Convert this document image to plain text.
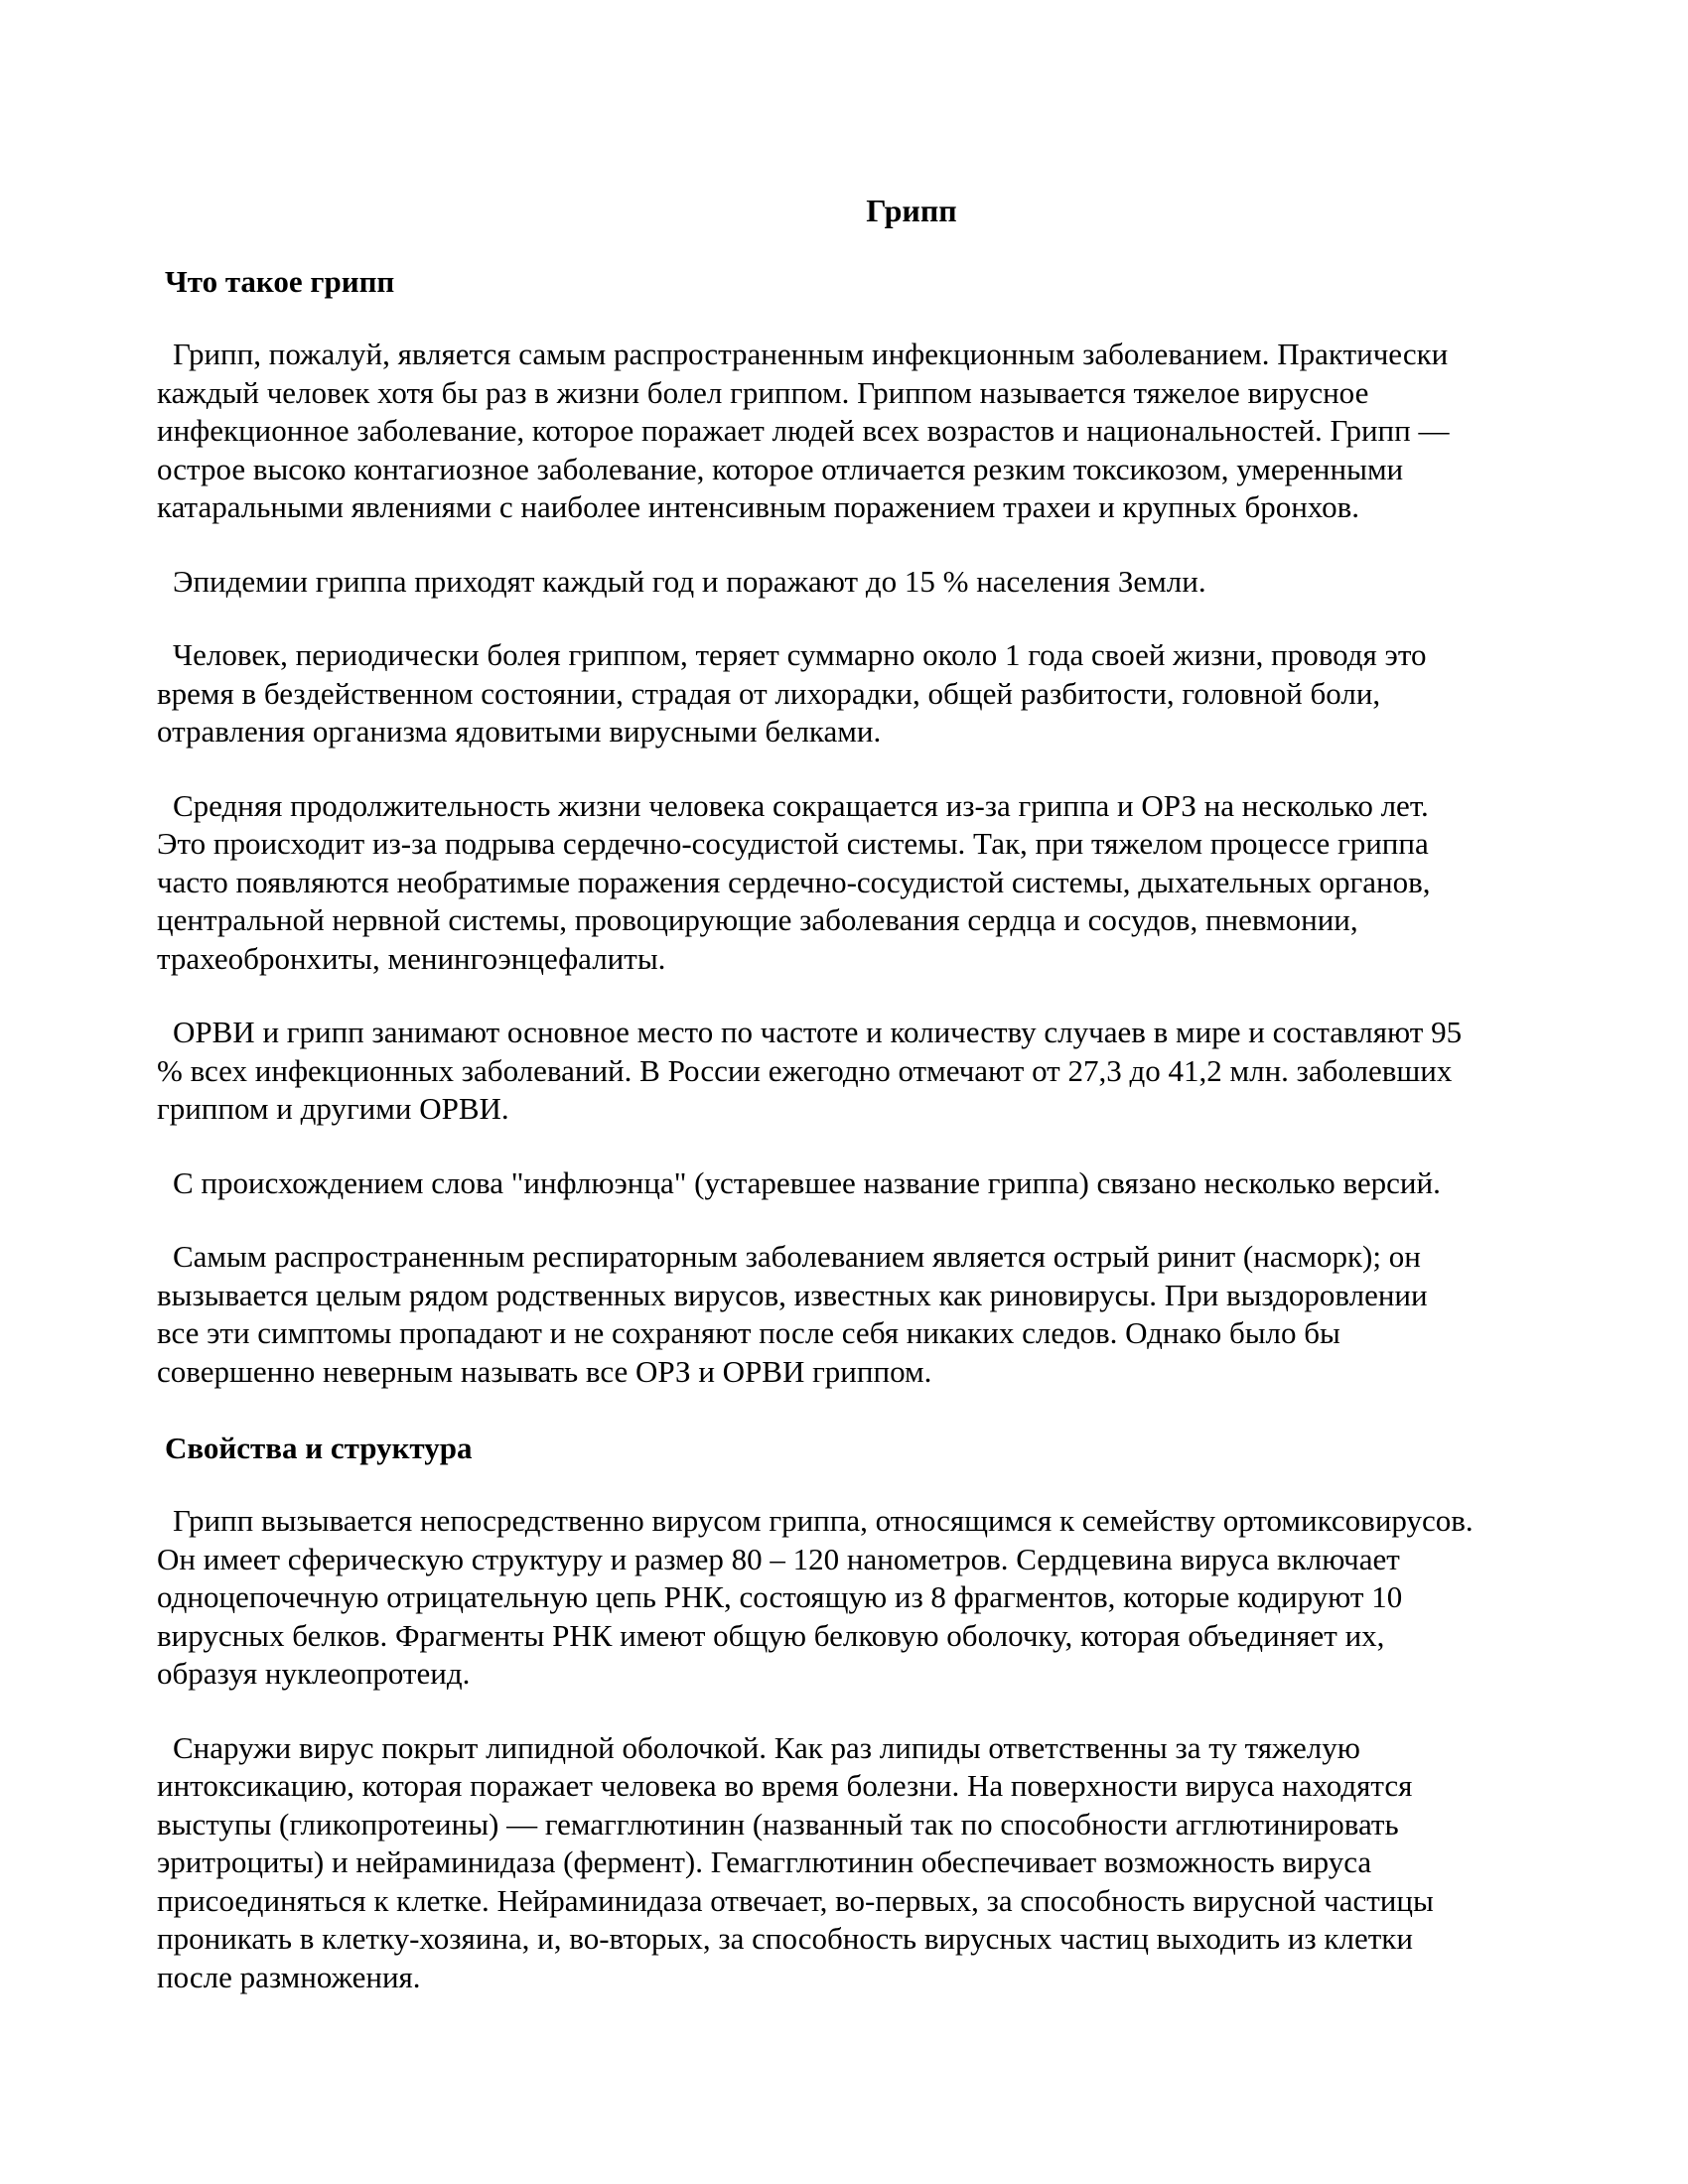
Грипп
Что такое грипп

Грипп, пожалуй, является самым распространенным инфекционным заболеванием. Практически
каждый человек хотя бы раз в жизни болел гриппом. Гриппом называется тяжелое вирусное
инфекционное заболевание, которое поражает людей всех возрастов и национальностей. Грипп —
острое высоко контагиозное заболевание, которое отличается резким токсикозом, умеренными
катаральными явлениями с наиболее интенсивным поражением трахеи и крупных бронхов.

Эпидемии гриппа приходят каждый год и поражают до 15 % населения Земли.

Человек, периодически болея гриппом, теряет суммарно около 1 года своей жизни, проводя это
время в бездейственном состоянии, страдая от лихорадки, общей разбитости, головной боли,
отравления организма ядовитыми вирусными белками.

Средняя продолжительность жизни человека сокращается из-за гриппа и ОРЗ на несколько лет.
Это происходит из-за подрыва сердечно-сосудистой системы. Так, при тяжелом процессе гриппа
часто появляются необратимые поражения сердечно-сосудистой системы, дыхательных органов,
центральной нервной системы, провоцирующие заболевания сердца и сосудов, пневмонии,
трахеобронхиты, менингоэнцефалиты.

ОРВИ и грипп занимают основное место по частоте и количеству случаев в мире и составляют 95
% всех инфекционных заболеваний. В России ежегодно отмечают от 27,3 до 41,2 млн. заболевших
гриппом и другими ОРВИ.

С происхождением слова "инфлюэнца" (устаревшее название гриппа) связано несколько версий.

Самым распространенным респираторным заболеванием является острый ринит (насморк); он
вызывается целым рядом родственных вирусов, известных как риновирусы. При выздоровлении
все эти симптомы пропадают и не сохраняют после себя никаких следов. Однако было бы
совершенно неверным называть все ОРЗ и ОРВИ гриппом.

Свойства и структура

Грипп вызывается непосредственно вирусом гриппа, относящимся к семейству ортомиксовирусов.
Он имеет сферическую структуру и размер 80 – 120 нанометров. Сердцевина вируса включает
одноцепочечную отрицательную цепь РНК, состоящую из 8 фрагментов, которые кодируют 10
вирусных белков. Фрагменты РНК имеют общую белковую оболочку, которая объединяет их,
образуя нуклеопротеид.

Снаружи вирус покрыт липидной оболочкой. Как раз липиды ответственны за ту тяжелую
интоксикацию, которая поражает человека во время болезни. На поверхности вируса находятся
выступы (гликопротеины) — гемагглютинин (названный так по способности агглютинировать
эритроциты) и нейраминидаза (фермент). Гемагглютинин обеспечивает возможность вируса
присоединяться к клетке. Нейраминидаза отвечает, во-первых, за способность вирусной частицы
проникать в клетку-хозяина, и, во-вторых, за способность вирусных частиц выходить из клетки
после размножения.
